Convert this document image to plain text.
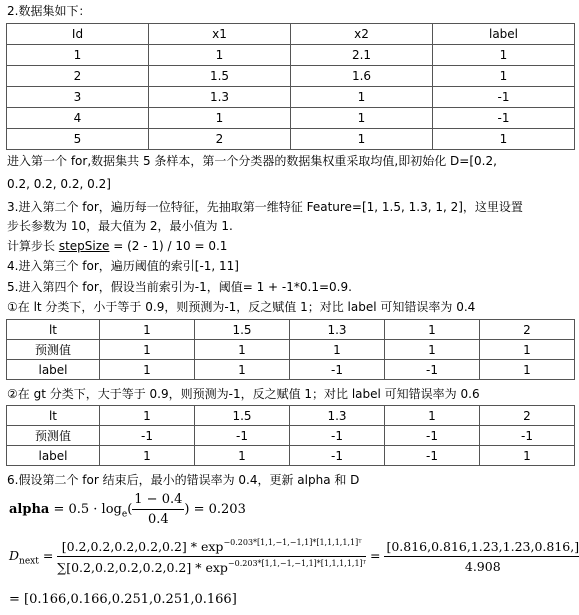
2.数据集如下：
Id	x1	x2	label
1	1	2.1	1
2	1.5	1.6	1
3	1.3	1	-1
4	1	1	-1
5	2	1	1
进入第一个 for,数据集共 5 条样本，第一个分类器的数据集权重采取均值,即初始化 D=[0.2,
0.2, 0.2, 0.2, 0.2]
3.进入第二个 for，遍历每一位特征，先抽取第一维特征 Feature=[1, 1.5, 1.3, 1, 2]，这里设置
步长参数为 10，最大值为 2，最小值为 1.
计算步长 stepSize = (2 - 1) / 10 = 0.1
4.进入第三个 for，遍历阈值的索引[-1, 11]
5.进入第四个 for，假设当前索引为-1，阈值= 1 + -1*0.1=0.9.
①在 lt 分类下，小于等于 0.9，则预测为-1，反之赋值 1；对比 label 可知错误率为 0.4
lt	1	1.5	1.3	1	2
预测值	1	1	1	1	1
label	1	1	-1	-1	1
②在 gt 分类下，大于等于 0.9，则预测为-1，反之赋值 1；对比 label 可知错误率为 0.6
lt	1	1.5	1.3	1	2
预测值	-1	-1	-1	-1	-1
label	1	1	-1	-1	1
6.假设第二个 for 结束后，最小的错误率为 0.4，更新 alpha 和 D
alpha = $0.5 \cdot \log_e( \frac{1 - 0.4}{0.4}$ ) = 0.203
$D_{next}$ =
$[0.2,0.2,0.2,0.2,0.2] * \exp^{-0.203*[1,1,-1,-1,1]*[1,1,1,1,1]ᵀ}$
$\sum[0.2,0.2,0.2,0.2,0.2] * \exp^{-0.203*[1,1,-1,-1,1]*[1,1,1,1,1]ᵀ}$
= $\frac{[0.816,0.816,1.23,1.23,0.816,]}{4.908}$
= [0.166,0.166,0.251,0.251,0.166]
